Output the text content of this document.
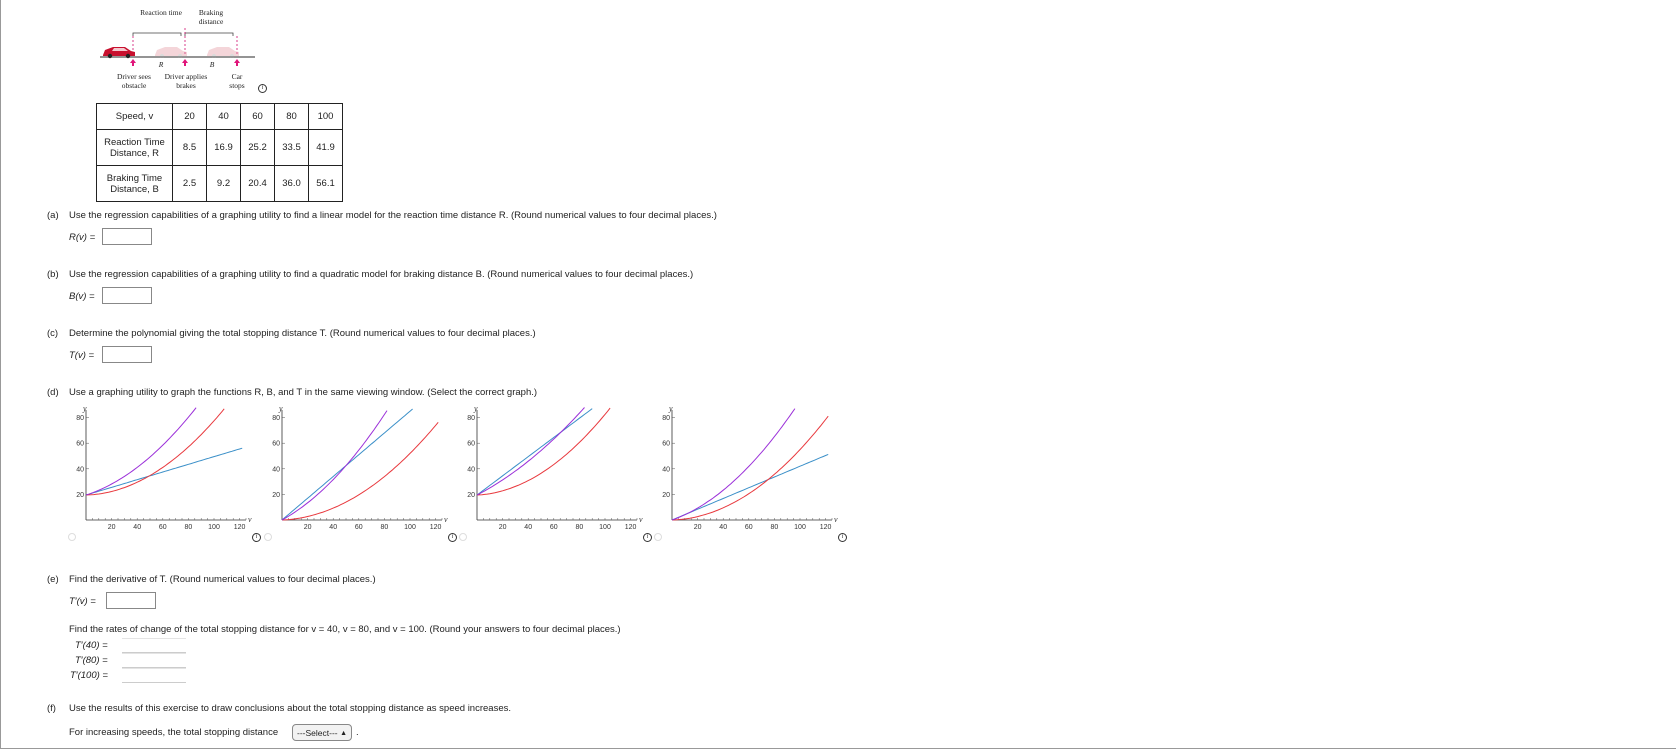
Reaction time	Braking distance
R	B
Driver sees obstacle
Driver applies brakes
Car stops	i
Speed, v	20	40	60	80	100
Reaction Time Distance, R	8.5	16.9	25.2	33.5	41.9
Braking Time Distance, B	2.5	9.2	20.4	36.0	56.1
(a) Use the regression capabilities of a graphing utility to find a linear model for the reaction time distance R. (Round numerical values to four decimal places.)
R(v) =
(b) Use the regression capabilities of a graphing utility to find a quadratic model for braking distance B. (Round numerical values to four decimal places.)
B(v) =
(c) Determine the polynomial giving the total stopping distance T. (Round numerical values to four decimal places.)
T(v) =
(d) Use a graphing utility to graph the functions R, B, and T in the same viewing window. (Select the correct graph.)
y
v
20	40	60	80 100 120
20
40
60
80
i
y
v
20	40	60	80 100 120
20
40
60
80
i
y
v
20	40	60	80 100 120
20
40
60
80
i
y
v
20	40	60	80 100 120
20
40
60
80
i
(e) Find the derivative of T. (Round numerical values to four decimal places.)
T′(v) =
Find the rates of change of the total stopping distance for v = 40, v = 80, and v = 100. (Round your answers to four decimal places.)
T′(40) =
T′(80) =
T′(100) =
(f) Use the results of this exercise to draw conclusions about the total stopping distance as speed increases.
For increasing speeds, the total stopping distance	---Select--- ▲ .
